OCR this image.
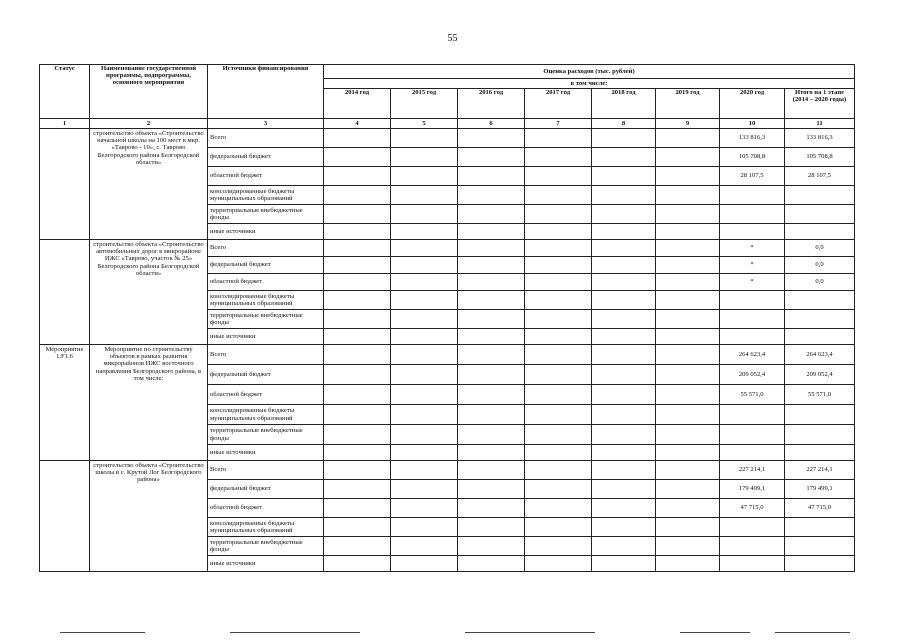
55
Статус	Наименование государственной программы, подпрограммы, основного мероприятия	Источники финансирования	Оценка расходов (тыс. рублей)							
			в том числе:							
			2014 год	2015 год	2016 год	2017 год	2018 год	2019 год	2020 год	Итого на 1 этапе (2014 – 2020 годы)
1	2	3	4	5	6	7	8	9	10	11
	строительство объекта «Строительство начальной школы на 100 мест в мкр. «Таврово - 10», с. Таврово Белгородского района Белгородской области»	Всего							133 816,3	133 816,3
		федеральный бюджет							105 708,8	105 708,8
		областной бюджет							28 107,5	28 107,5
		консолидированные бюджеты муниципальных образований								
		территориальные внебюджетные фонды								
		иные источники								
	строительство объекта «Строительство автомобильных дорог в микрорайоне ИЖС «Таврово, участок № 25» Белгородского района Белгородской области»	Всего							*	0,0
		федеральный бюджет							*	0,0
		областной бюджет							*	0,0
		консолидированные бюджеты муниципальных образований								
		территориальные внебюджетные фонды								
		иные источники								
Мероприятие 1.F1.6	Мероприятие по строительству объектов в рамках развития микрорайонов ИЖС восточного направления Белгородского района, в том числе:	Всего							264 623,4	264 623,4
		федеральный бюджет							209 052,4	209 052,4
		областной бюджет							55 571,0	55 571,0
		консолидированные бюджеты муниципальных образований								
		территориальные внебюджетные фонды								
		иные источники								
	строительство объекта «Строительство школы в с. Крутой Лог Белгородского района»	Всего							227 214,1	227 214,1
		федеральный бюджет							179 499,1	179 499,1
		областной бюджет							47 715,0	47 715,0
		консолидированные бюджеты муниципальных образований								
		территориальные внебюджетные фонды								
		иные источники								
